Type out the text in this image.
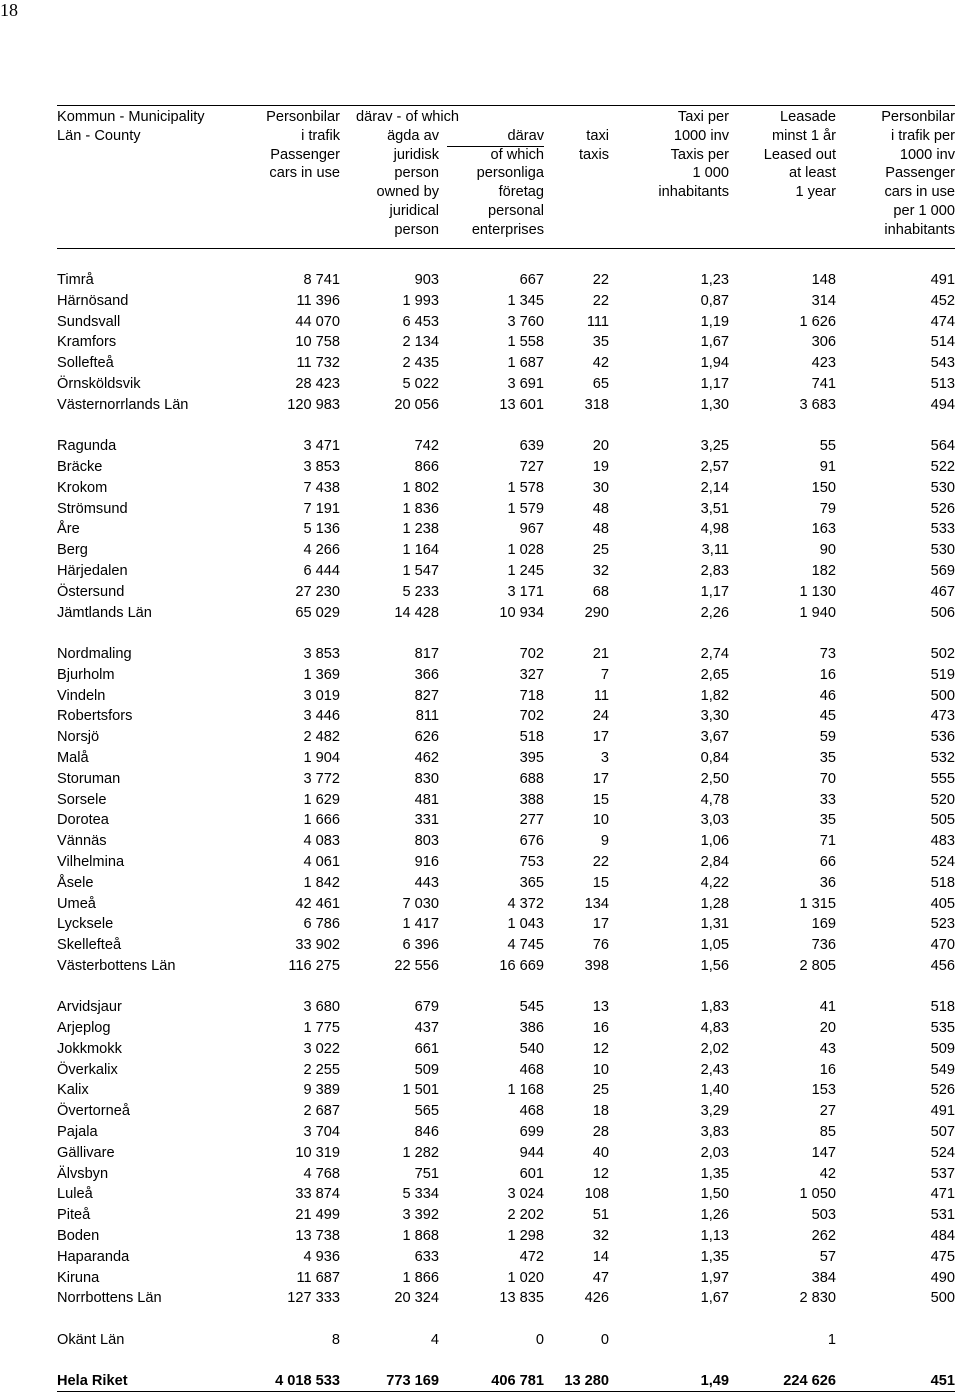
18
Kommun - Municipality	Personbilar	därav - of which			Taxi per	Leasade	Personbilar
Län - County	i trafik	ägda av	därav	taxi	1000 inv	minst 1 år	i trafik per
	Passenger	juridisk	of which	taxis	Taxis per	Leased out	1000 inv
	cars in use	person	personliga		1 000	at least	Passenger
		owned by	företag		inhabitants	1 year	cars in use
		juridical	personal				per 1 000
		person	enterprises				inhabitants
Timrå	8 741	903	667	22	1,23	148	491
Härnösand	11 396	1 993	1 345	22	0,87	314	452
Sundsvall	44 070	6 453	3 760	111	1,19	1 626	474
Kramfors	10 758	2 134	1 558	35	1,67	306	514
Sollefteå	11 732	2 435	1 687	42	1,94	423	543
Örnsköldsvik	28 423	5 022	3 691	65	1,17	741	513
Västernorrlands Län	120 983	20 056	13 601	318	1,30	3 683	494

Ragunda	3 471	742	639	20	3,25	55	564
Bräcke	3 853	866	727	19	2,57	91	522
Krokom	7 438	1 802	1 578	30	2,14	150	530
Strömsund	7 191	1 836	1 579	48	3,51	79	526
Åre	5 136	1 238	967	48	4,98	163	533
Berg	4 266	1 164	1 028	25	3,11	90	530
Härjedalen	6 444	1 547	1 245	32	2,83	182	569
Östersund	27 230	5 233	3 171	68	1,17	1 130	467
Jämtlands Län	65 029	14 428	10 934	290	2,26	1 940	506

Nordmaling	3 853	817	702	21	2,74	73	502
Bjurholm	1 369	366	327	7	2,65	16	519
Vindeln	3 019	827	718	11	1,82	46	500
Robertsfors	3 446	811	702	24	3,30	45	473
Norsjö	2 482	626	518	17	3,67	59	536
Malå	1 904	462	395	3	0,84	35	532
Storuman	3 772	830	688	17	2,50	70	555
Sorsele	1 629	481	388	15	4,78	33	520
Dorotea	1 666	331	277	10	3,03	35	505
Vännäs	4 083	803	676	9	1,06	71	483
Vilhelmina	4 061	916	753	22	2,84	66	524
Åsele	1 842	443	365	15	4,22	36	518
Umeå	42 461	7 030	4 372	134	1,28	1 315	405
Lycksele	6 786	1 417	1 043	17	1,31	169	523
Skellefteå	33 902	6 396	4 745	76	1,05	736	470
Västerbottens Län	116 275	22 556	16 669	398	1,56	2 805	456

Arvidsjaur	3 680	679	545	13	1,83	41	518
Arjeplog	1 775	437	386	16	4,83	20	535
Jokkmokk	3 022	661	540	12	2,02	43	509
Överkalix	2 255	509	468	10	2,43	16	549
Kalix	9 389	1 501	1 168	25	1,40	153	526
Övertorneå	2 687	565	468	18	3,29	27	491
Pajala	3 704	846	699	28	3,83	85	507
Gällivare	10 319	1 282	944	40	2,03	147	524
Älvsbyn	4 768	751	601	12	1,35	42	537
Luleå	33 874	5 334	3 024	108	1,50	1 050	471
Piteå	21 499	3 392	2 202	51	1,26	503	531
Boden	13 738	1 868	1 298	32	1,13	262	484
Haparanda	4 936	633	472	14	1,35	57	475
Kiruna	11 687	1 866	1 020	47	1,97	384	490
Norrbottens Län	127 333	20 324	13 835	426	1,67	2 830	500

Okänt Län	8	4	0	0		1	

Hela Riket	4 018 533	773 169	406 781	13 280	1,49	224 626	451
